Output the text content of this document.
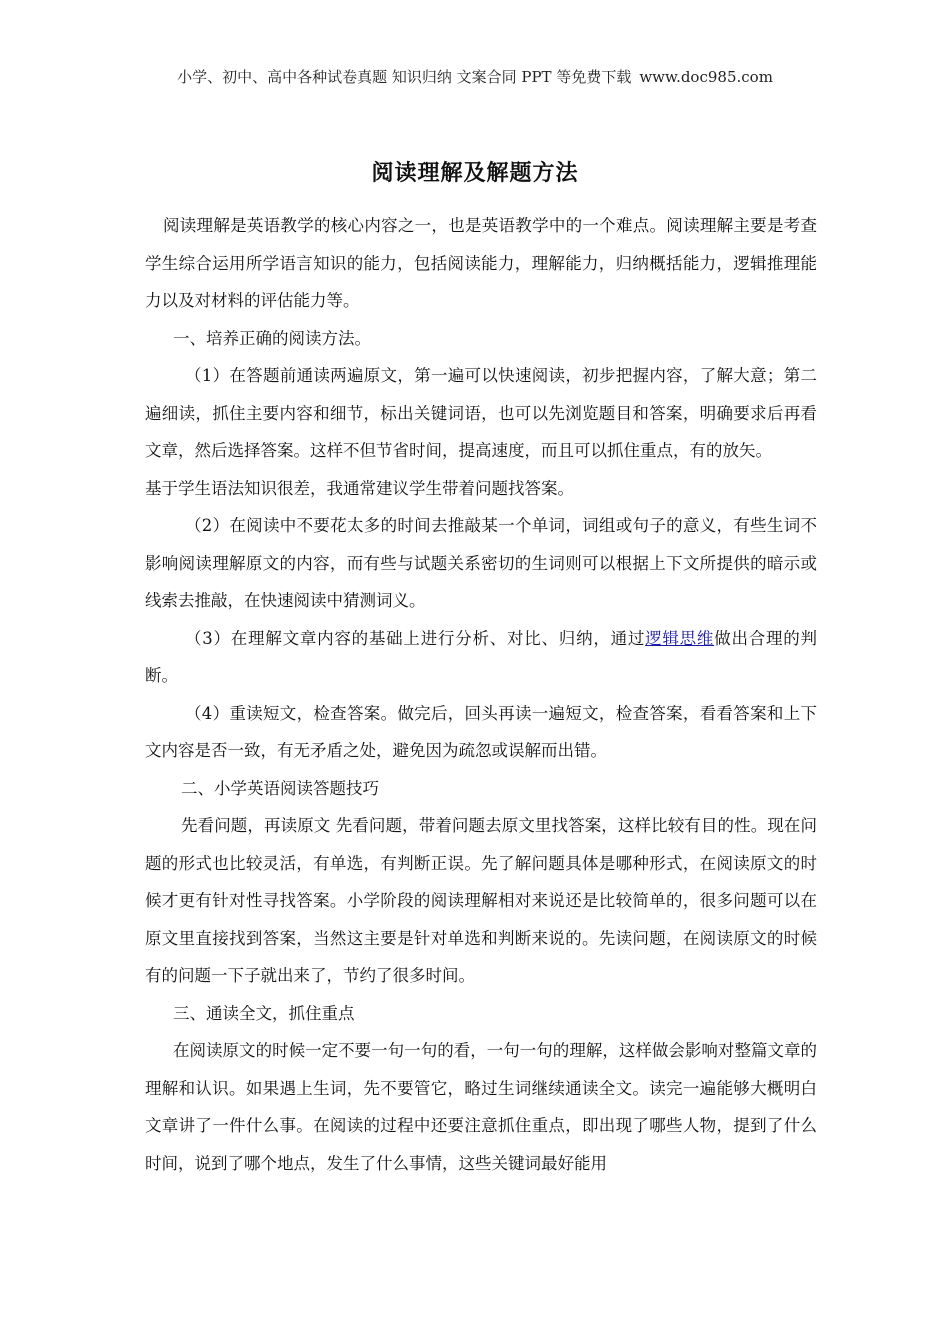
小学、初中、高中各种试卷真题 知识归纳 文案合同 PPT 等免费下载 www.doc985.com
阅读理解及解题方法

阅读理解是英语教学的核心内容之一，也是英语教学中的一个难点。阅读理解主要是考查学生综合运用所学语言知识的能力，包括阅读能力，理解能力，归纳概括能力，逻辑推理能力以及对材料的评估能力等。

一、培养正确的阅读方法。

（1）在答题前通读两遍原文，第一遍可以快速阅读，初步把握内容，了解大意；第二遍细读，抓住主要内容和细节，标出关键词语，也可以先浏览题目和答案，明确要求后再看文章，然后选择答案。这样不但节省时间，提高速度，而且可以抓住重点，有的放矢。

基于学生语法知识很差，我通常建议学生带着问题找答案。

（2）在阅读中不要花太多的时间去推敲某一个单词，词组或句子的意义，有些生词不影响阅读理解原文的内容，而有些与试题关系密切的生词则可以根据上下文所提供的暗示或线索去推敲，在快速阅读中猜测词义。

（3）在理解文章内容的基础上进行分析、对比、归纳，通过逻辑思维做出合理的判断。

（4）重读短文，检查答案。做完后，回头再读一遍短文，检查答案，看看答案和上下文内容是否一致，有无矛盾之处，避免因为疏忽或误解而出错。

二、小学英语阅读答题技巧

先看问题，再读原文 先看问题，带着问题去原文里找答案，这样比较有目的性。现在问题的形式也比较灵活，有单选，有判断正误。先了解问题具体是哪种形式，在阅读原文的时候才更有针对性寻找答案。小学阶段的阅读理解相对来说还是比较简单的，很多问题可以在原文里直接找到答案，当然这主要是针对单选和判断来说的。先读问题，在阅读原文的时候有的问题一下子就出来了，节约了很多时间。

三、通读全文，抓住重点

在阅读原文的时候一定不要一句一句的看，一句一句的理解，这样做会影响对整篇文章的理解和认识。如果遇上生词，先不要管它，略过生词继续通读全文。读完一遍能够大概明白文章讲了一件什么事。在阅读的过程中还要注意抓住重点，即出现了哪些人物，提到了什么时间，说到了哪个地点，发生了什么事情，这些关键词最好能用
